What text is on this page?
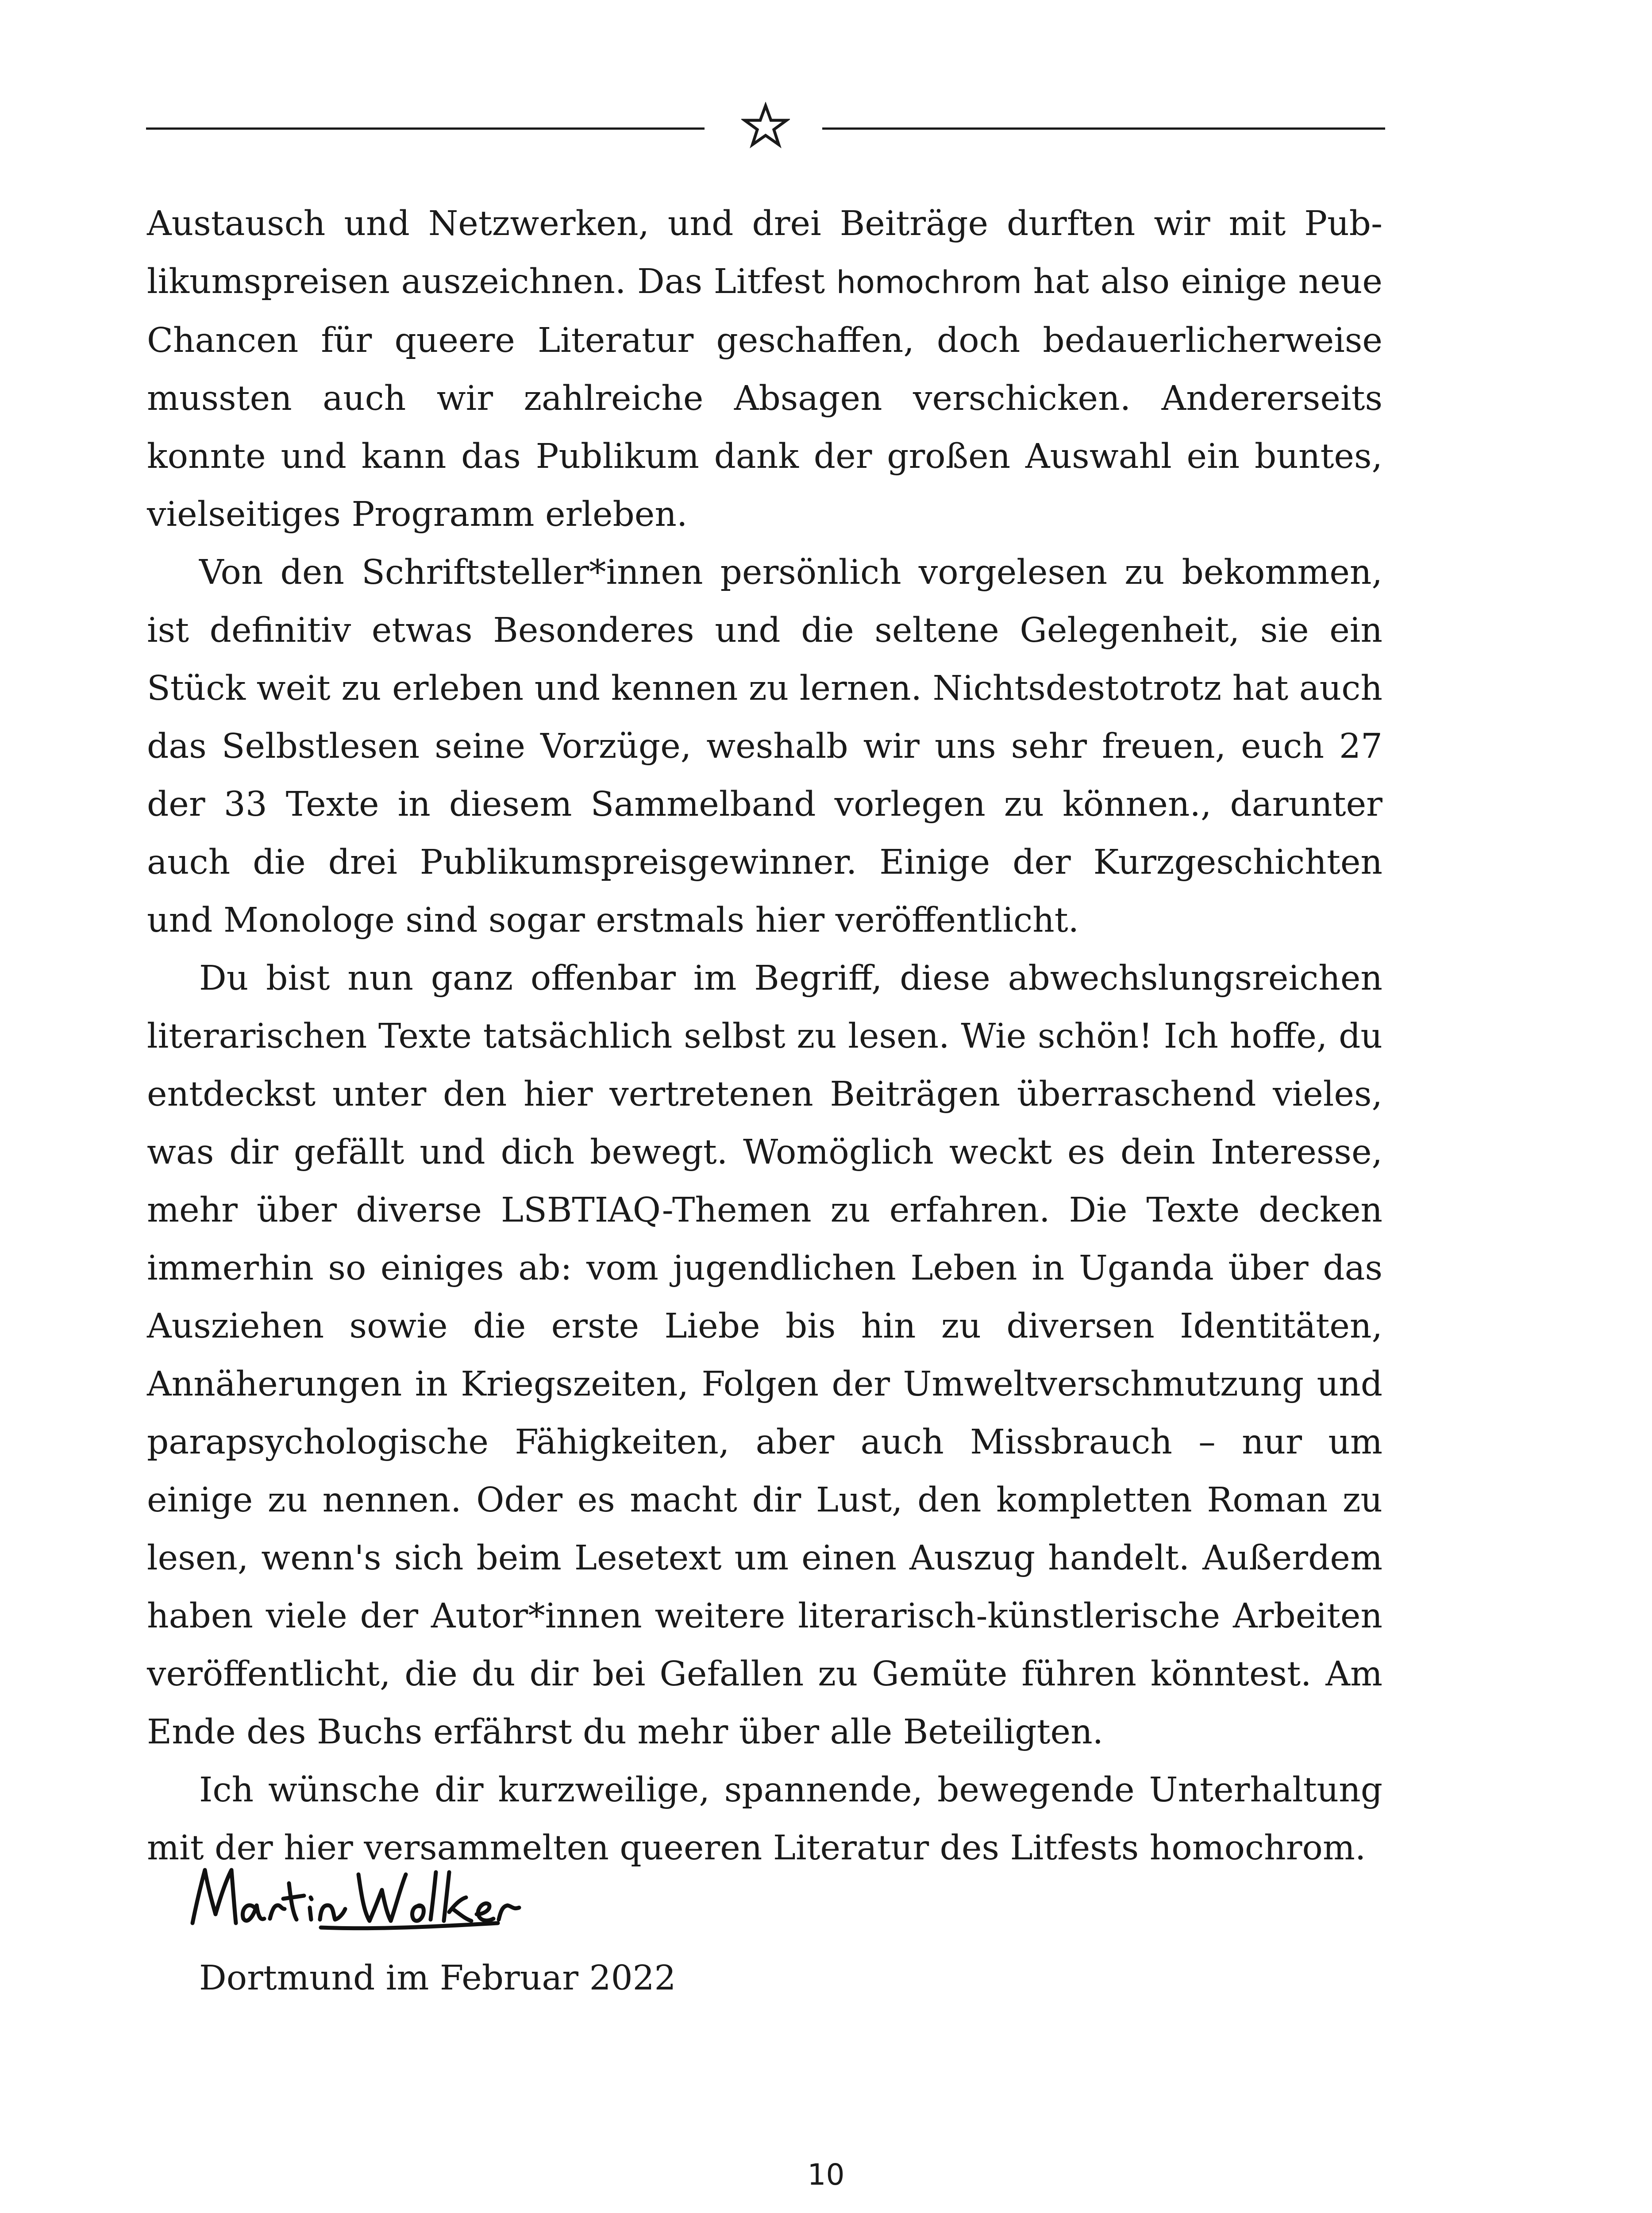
Austausch und Netzwerken, und drei Beiträge durften wir mit Publikumspreisen auszeichnen. Das Litfest homochrom hat also einige neue Chancen für queere Literatur geschaffen, doch bedauerlicherweise mussten auch wir zahlreiche Absagen verschicken. Andererseits konnte und kann das Publikum dank der großen Auswahl ein buntes, vielseitiges Programm erleben.

Von den Schriftsteller*innen persönlich vorgelesen zu bekommen, ist definitiv etwas Besonderes und die seltene Gelegenheit, sie ein Stück weit zu erleben und kennen zu lernen. Nichtsdestotrotz hat auch das Selbstlesen seine Vorzüge, weshalb wir uns sehr freuen, euch 27 der 33 Texte in diesem Sammelband vorlegen zu können., darunter auch die drei Publikumspreisgewinner. Einige der Kurzgeschichten und Monologe sind sogar erstmals hier veröffentlicht.

Du bist nun ganz offenbar im Begriff, diese abwechslungsreichen literarischen Texte tatsächlich selbst zu lesen. Wie schön! Ich hoffe, du entdeckst unter den hier vertretenen Beiträgen überraschend vieles, was dir gefällt und dich bewegt. Womöglich weckt es dein Interesse, mehr über diverse LSBTIAQ-Themen zu erfahren. Die Texte decken immerhin so einiges ab: vom jugendlichen Leben in Uganda über das Ausziehen sowie die erste Liebe bis hin zu diversen Identitäten, Annäherungen in Kriegszeiten, Folgen der Umweltverschmutzung und parapsychologische Fähigkeiten, aber auch Missbrauch – nur um einige zu nennen. Oder es macht dir Lust, den kompletten Roman zu lesen, wenn's sich beim Lesetext um einen Auszug handelt. Außerdem haben viele der Autor*innen weitere literarisch-künstlerische Arbeiten veröffentlicht, die du dir bei Gefallen zu Gemüte führen könntest. Am Ende des Buchs erfährst du mehr über alle Beteiligten.

Ich wünsche dir kurzweilige, spannende, bewegende Unterhaltung mit der hier versammelten queeren Literatur des Litfests homochrom.

Dortmund im Februar 2022
10
